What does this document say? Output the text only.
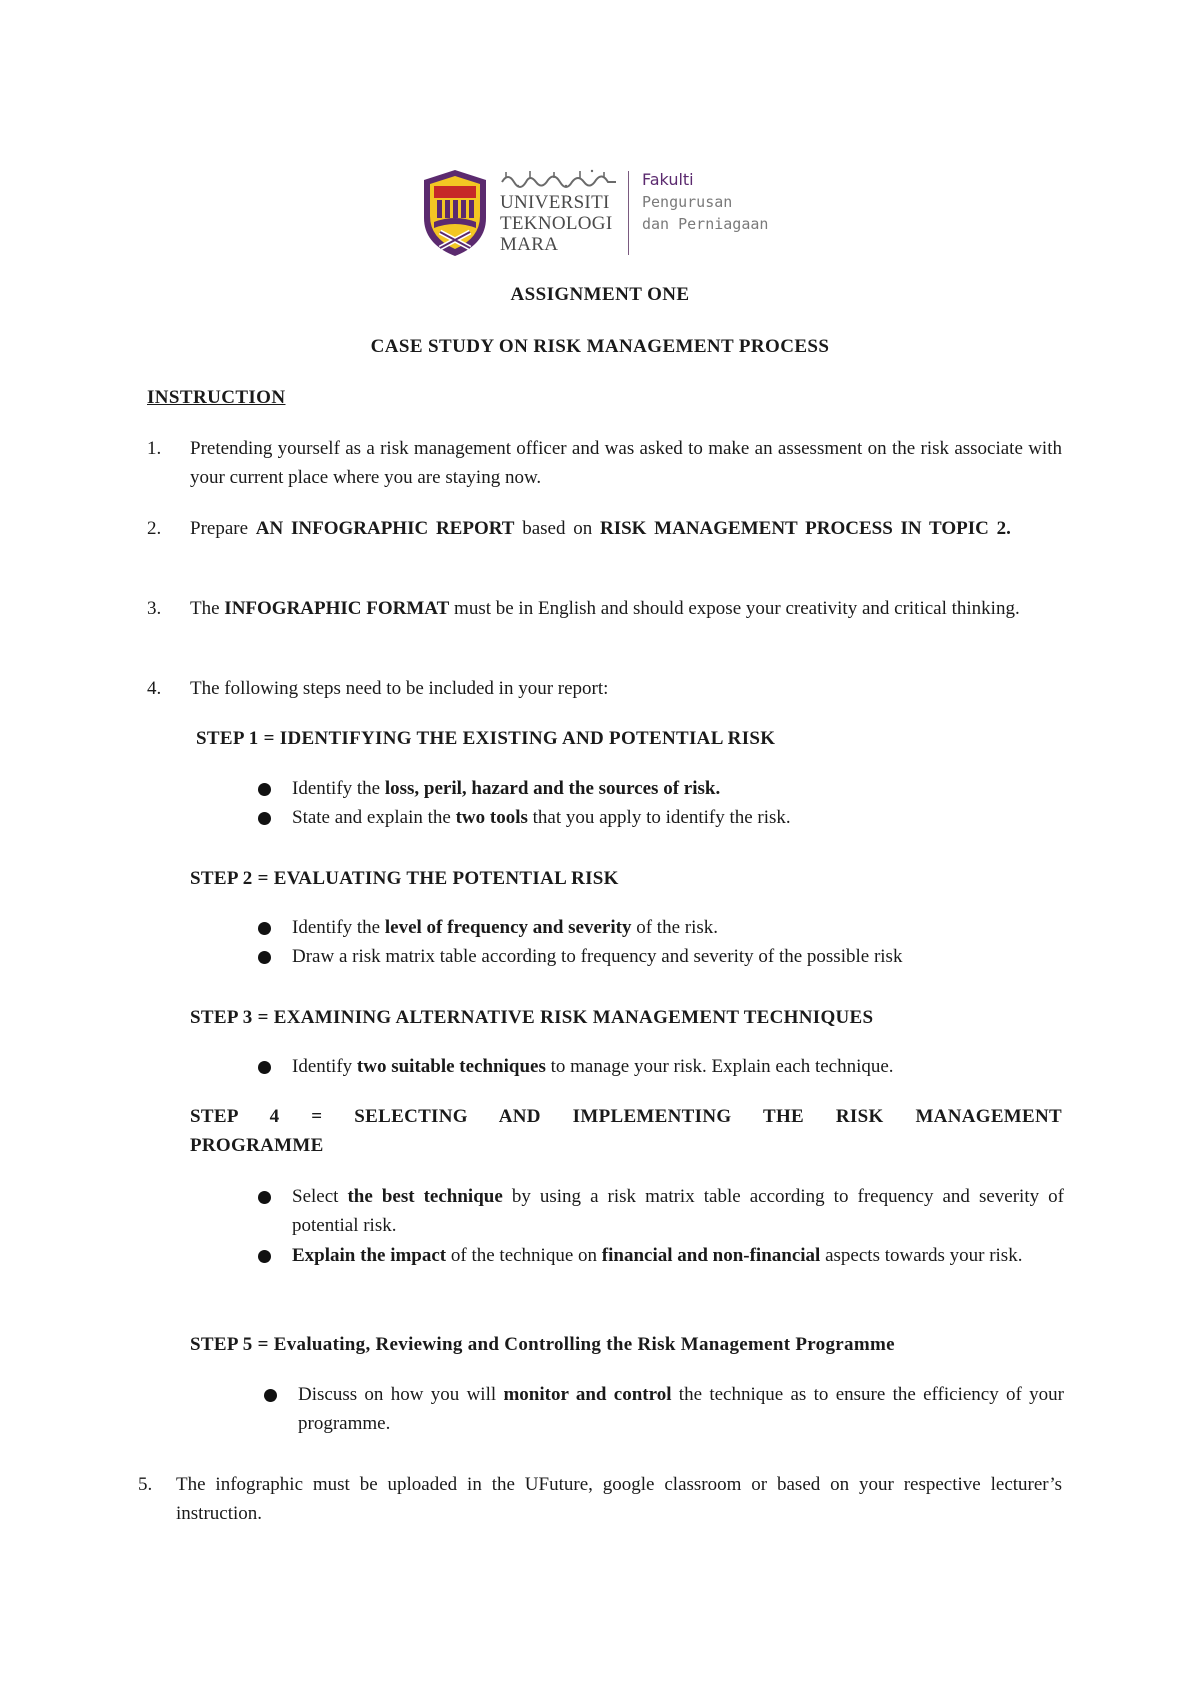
UNIVERSITI
TEKNOLOGI
MARA
Fakulti
Pengurusan
dan Perniagaan
ASSIGNMENT ONE
CASE STUDY ON RISK MANAGEMENT PROCESS
INSTRUCTION
1. Pretending yourself as a risk management officer and was asked to make an assessment on the risk associate with your current place where you are staying now.
2. Prepare AN INFOGRAPHIC REPORT based on RISK MANAGEMENT PROCESS IN TOPIC 2.
3. The INFOGRAPHIC FORMAT must be in English and should expose your creativity and critical thinking.
4. The following steps need to be included in your report:
STEP 1 = IDENTIFYING THE EXISTING AND POTENTIAL RISK
Identify the loss, peril, hazard and the sources of risk.
State and explain the two tools that you apply to identify the risk.
STEP 2 = EVALUATING THE POTENTIAL RISK
Identify the level of frequency and severity of the risk.
Draw a risk matrix table according to frequency and severity of the possible risk
STEP 3 = EXAMINING ALTERNATIVE RISK MANAGEMENT TECHNIQUES
Identify two suitable techniques to manage your risk. Explain each technique.
STEP 4 = SELECTING AND IMPLEMENTING THE RISK MANAGEMENT PROGRAMME
Select the best technique by using a risk matrix table according to frequency and severity of potential risk.
Explain the impact of the technique on financial and non-financial aspects towards your risk.
STEP 5 = Evaluating, Reviewing and Controlling the Risk Management Programme
Discuss on how you will monitor and control the technique as to ensure the efficiency of your programme.
5. The infographic must be uploaded in the UFuture, google classroom or based on your respective lecturer’s instruction.
